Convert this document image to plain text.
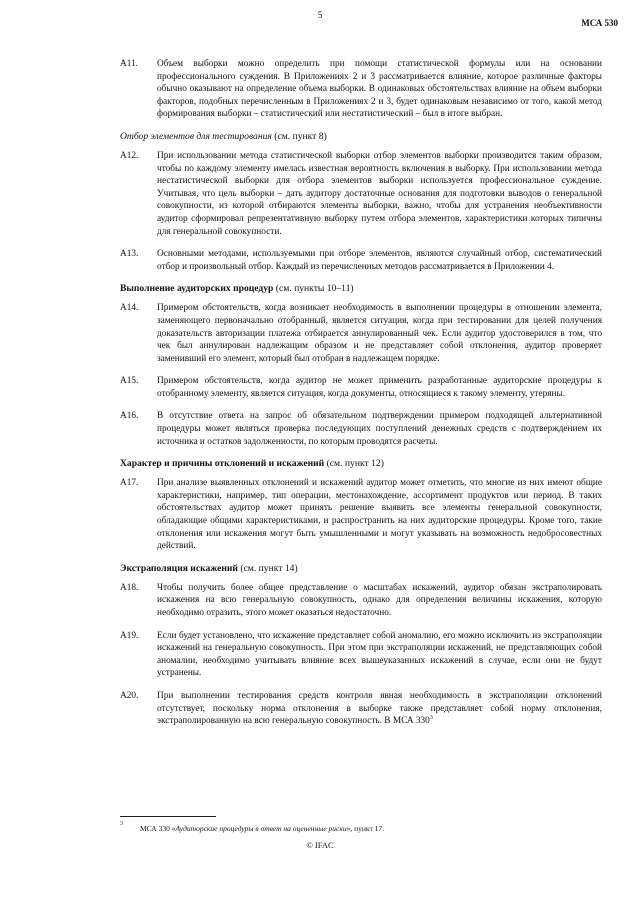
5
МСА 530
A11. Объем выборки можно определить при помощи статистической формулы или на основании профессионального суждения. В Приложениях 2 и 3 рассматривается влияние, которое различные факторы обычно оказывают на определение объема выборки. В одинаковых обстоятельствах влияние на объем выборки факторов, подобных перечисленным в Приложениях 2 и 3, будет одинаковым независимо от того, какой метод формирования выборки – статистический или нестатистический – был в итоге выбран.
Отбор элементов для тестирования (см. пункт 8)
A12. При использовании метода статистической выборки отбор элементов выборки производится таким образом, чтобы по каждому элементу имелась известная вероятность включения в выборку. При использовании метода нестатистической выборки для отбора элементов выборки используется профессиональное суждение. Учитывая, что цель выборки – дать аудитору достаточные основания для подготовки выводов о генеральной совокупности, из которой отбираются элементы выборки, важно, чтобы для устранения необъективности аудитор сформировал репрезентативную выборку путем отбора элементов, характеристики которых типичны для генеральной совокупности.
A13. Основными методами, используемыми при отборе элементов, являются случайный отбор, систематический отбор и произвольный отбор. Каждый из перечисленных методов рассматривается в Приложении 4.
Выполнение аудиторских процедур (см. пункты 10–11)
A14. Примером обстоятельств, когда возникает необходимость в выполнении процедуры в отношении элемента, заменяющего первоначально отобранный, является ситуация, когда при тестировании для целей получения доказательств авторизации платежа отбирается аннулированный чек. Если аудитор удостоверился в том, что чек был аннулирован надлежащим образом и не представляет собой отклонения, аудитор проверяет заменивший его элемент, который был отобран в надлежащем порядке.
A15. Примером обстоятельств, когда аудитор не может применить разработанные аудиторские процедуры к отобранному элементу, является ситуация, когда документы, относящиеся к такому элементу, утеряны.
A16. В отсутствие ответа на запрос об обязательном подтверждении примером подходящей альтернативной процедуры может являться проверка последующих поступлений денежных средств с подтверждением их источника и остатков задолженности, по которым проводятся расчеты.
Характер и причины отклонений и искажений (см. пункт 12)
A17. При анализе выявленных отклонений и искажений аудитор может отметить, что многие из них имеют общие характеристики, например, тип операции, местонахождение, ассортимент продуктов или период. В таких обстоятельствах аудитор может принять решение выявить все элементы генеральной совокупности, обладающие общими характеристиками, и распространить на них аудиторские процедуры. Кроме того, такие отклонения или искажения могут быть умышленными и могут указывать на возможность недобросовестных действий.
Экстраполяция искажений (см. пункт 14)
A18. Чтобы получить более общее представление о масштабах искажений, аудитор обязан экстраполировать искажения на всю генеральную совокупность, однако для определения величины искажения, которую необходимо отразить, этого может оказаться недостаточно.
A19. Если будет установлено, что искажение представляет собой аномалию, его можно исключить из экстраполяции искажений на генеральную совокупность. При этом при экстраполяции искажений, не представляющих собой аномалии, необходимо учитывать влияние всех вышеуказанных искажений в случае, если они не будут устранены.
A20. При выполнении тестирования средств контроля явная необходимость в экстраполяции отклонений отсутствует, поскольку норма отклонения в выборке также представляет собой норму отклонения, экстраполированную на всю генеральную совокупность. В МСА $330^3$
3 МСА 330 «Аудиторские процедуры в ответ на оцененные риски», пункт 17.
© IFAC
